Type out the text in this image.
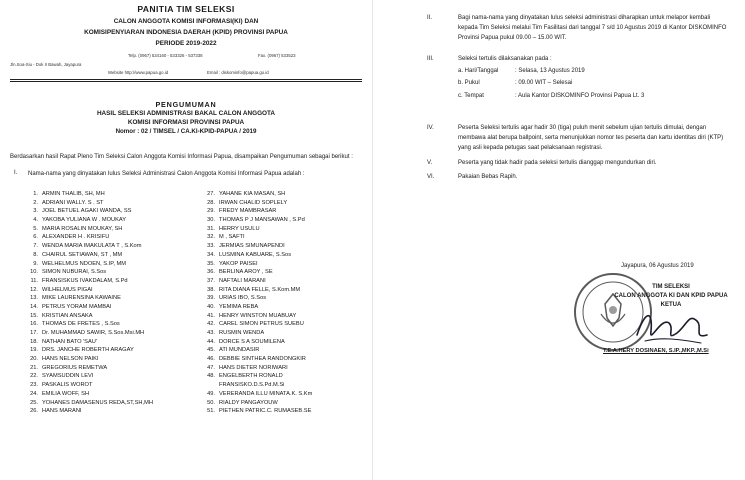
PANITIA TIM SELEKSI
CALON ANGGOTA KOMISI INFORMASI(KI) DAN
KOMISIPENYIARAN INDONESIA DAERAH (KPID) PROVINSI PAPUA
PERIODE 2019-2022
Telp. (0967) 534160 - 533326 - 537338	Fax. (0967) 533523
Jln.Soa-Siu - Dok II Bawah, Jayapura
Website http://www.papua.go.id	Email : diskominfo@papua.go.id
PENGUMUMAN
HASIL SELEKSI ADMINISTRASI BAKAL CALON ANGGOTA
KOMISI INFORMASI PROVINSI PAPUA
Nomor : 02 / TIMSEL / CA.KI-KPID-PAPUA / 2019
Berdasarkan hasil Rapat Pleno Tim Seleksi Calon Anggota Komisi Informasi Papua, disampaikan Pengumuman sebagai berikut :
I. Nama-nama yang dinyatakan lulus Seleksi Administrasi Calon Anggota Komisi Informasi Papua adalah :
1. ARMIN THALIB, SH, MH
2. ADRIANI WALLY. S . ST
3. JOEL BETUEL AGAKI WANDA, SS
4. YAKOBA YULIANA W . MOUKAY
5. MARIA ROSALIN MOUKAY, SH
6. ALEXANDER H . KRISIFU
7. WENDA MARIA IMAKULATA T , S.Kom
8. CHAIRUL SETIAWAN, ST , MM
9. WELHELMUS NDOEN, S.IP, MM
10. SIMON NUBURAI, S.Sos
11. FRANSISKUS IVAKDALAM, S.Pd
12. WILHELMUS PIGAI
13. MIKE LAURENSINA KAWAINE
14. PETRUS YORAM MAMBAI
15. KRISTIAN ANSAKA
16. THOMAS DE FRETES , S.Sos
17. Dr. MUHAMMAD SAWIR, S.Sos.Msi.MH
18. NATHAN BATO 'SAU'
19. DRS. JANCHE ROBERTH ARAGAY
20. HANS NELSON PAIKI
21. GREGORIUS REMETWA
22. SYAMSUDDIN LEVI
23. PASKALIS WOROT
24. EMILIA WOFF, SH
25. YOHANES DAMASENUS REDA,ST,SH,MH
26. HANS MARANI
27. YAHANE KIA MASAN, SH
28. IRWAN CHALID SOPLELY
29. FREDY MAMBRASAR
30. THOMAS P J MANSAWAN , S.Pd
31. HERRY USULU
32. M , SAFTI
33. JERMIAS SIMUNAPENDI
34. LUSMINA KABUARE, S.Sos
35. YAKOP PAISEI
36. BERLINA AROY , SE
37. NAFTALI MARANI
38. RITA DIANA FELLE, S.Kom.MM
39. URIAS IBO, S.Sos
40. YEMIMA REBA
41. HENRY WINSTON MUABUAY
42. CAREL SIMON PETRUS SUEBU
43. RUSMIN WENDA
44. DORCE S A SOUMILENA
45. ATI MUNDASIR
46. DEBBIE SINTHEA RANDONGKIR
47. HANS DIETER NORIWARI
48. ENGELBERTH RONALD
FRANSISKO.D.S.Pd.M.Si
49. VERERANDA ILLU MINATA.K. S.Km
50. RIALDY PANGAYOUW
51. PIETHEN PATRIC.C. RUMASEB.SE
II.	Bagi nama-nama yang dinyatakan lulus seleksi administrasi diharapkan untuk melapor kembali kepada Tim Seleksi melalui Tim Fasilitasi dari tanggal 7 s/d 10 Agustus 2019 di Kantor DISKOMINFO Provinsi Papua pukul 09.00 – 15.00 WIT.
III.	Seleksi tertulis dilaksanakan pada :
a. Hari/Tanggal	: Selasa, 13 Agustus 2019
b. Pukul	: 09.00 WIT – Selesai
c. Tempat	: Aula Kantor DISKOMINFO Provinsi Papua Lt. 3
IV.	Peserta Seleksi tertulis agar hadir 30 (tiga) puluh menit sebelum ujian tertulis dimulai, dengan membawa alat berupa ballpoint, serta menunjukkan nomor tes peserta dan kartu identitas diri (KTP) yang asli kepada petugas saat pelaksanaan registrasi.
V.	Peserta yang tidak hadir pada seleksi tertulis dianggap mengundurkan diri.
VI.	Pakaian Bebas Rapih.
Jayapura, 06 Agustus 2019
TIM SELEKSI
CALON ANGGOTA KI DAN KPID PAPUA
KETUA
T.E.A.HERY DOSINAEN, S.IP.,MKP.,M.Si
